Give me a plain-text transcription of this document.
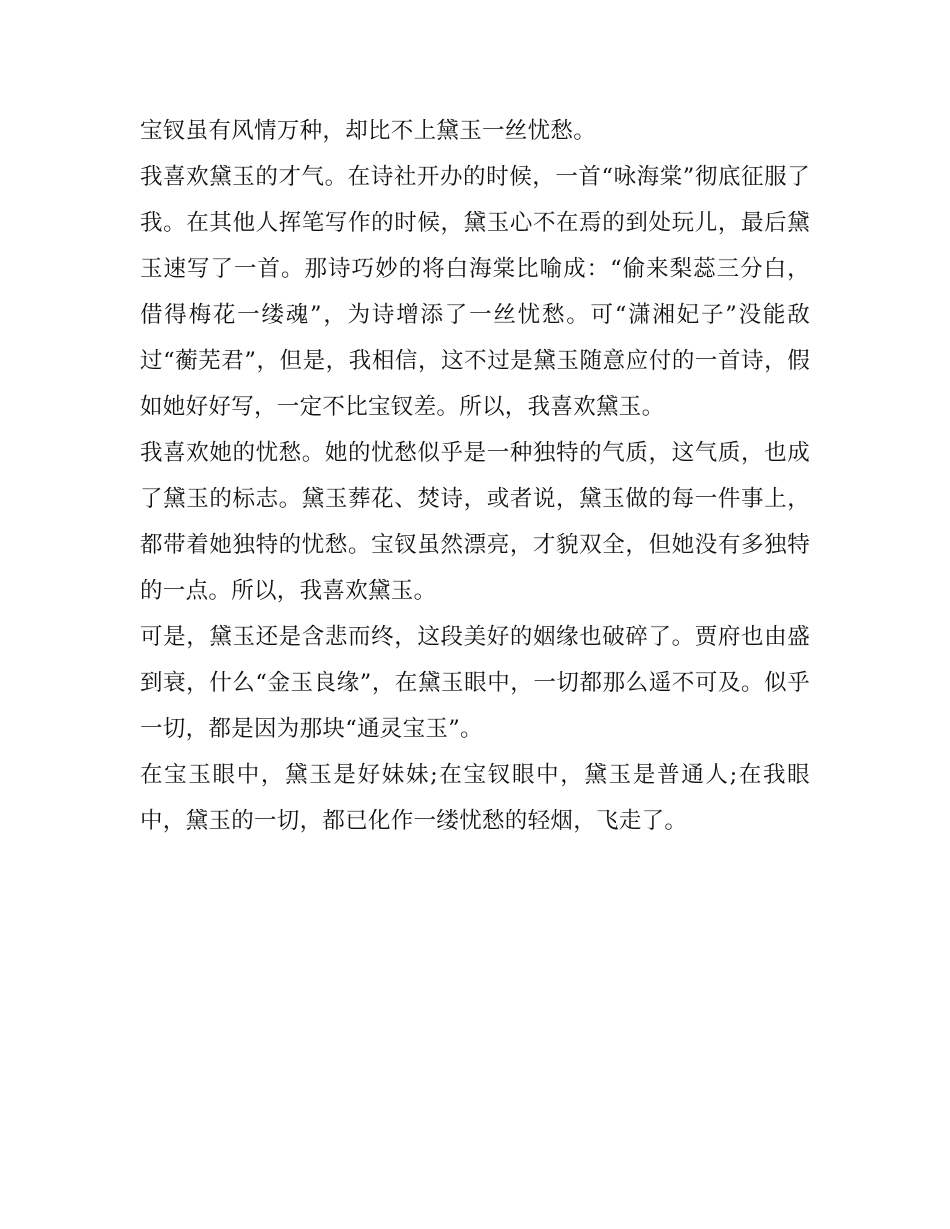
宝钗虽有风情万种，却比不上黛玉一丝忧愁。

我喜欢黛玉的才气。在诗社开办的时候，一首“咏海棠”彻底征服了我。在其他人挥笔写作的时候，黛玉心不在焉的到处玩儿，最后黛玉速写了一首。那诗巧妙的将白海棠比喻成：“偷来梨蕊三分白，借得梅花一缕魂”，为诗增添了一丝忧愁。可“潇湘妃子”没能敌过“蘅芜君”，但是，我相信，这不过是黛玉随意应付的一首诗，假如她好好写，一定不比宝钗差。所以，我喜欢黛玉。

我喜欢她的忧愁。她的忧愁似乎是一种独特的气质，这气质，也成了黛玉的标志。黛玉葬花、焚诗，或者说，黛玉做的每一件事上，都带着她独特的忧愁。宝钗虽然漂亮，才貌双全，但她没有多独特的一点。所以，我喜欢黛玉。

可是，黛玉还是含悲而终，这段美好的姻缘也破碎了。贾府也由盛到衰，什么“金玉良缘”，在黛玉眼中，一切都那么遥不可及。似乎一切，都是因为那块“通灵宝玉”。

在宝玉眼中，黛玉是好妹妹;在宝钗眼中，黛玉是普通人;在我眼中，黛玉的一切，都已化作一缕忧愁的轻烟，飞走了。
